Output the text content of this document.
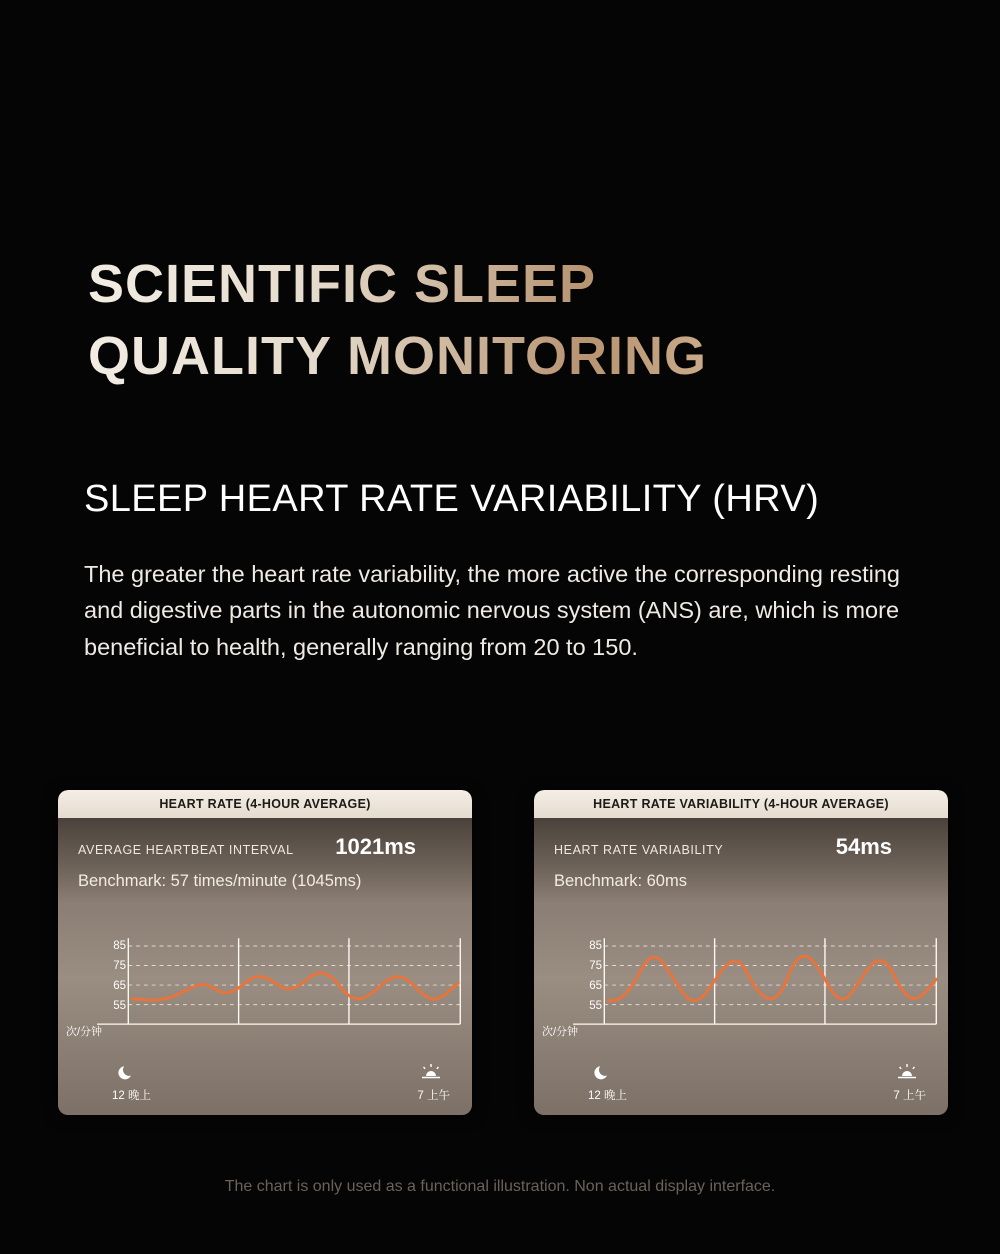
SCIENTIFIC SLEEP
QUALITY MONITORING
SLEEP HEART RATE VARIABILITY (HRV)
The greater the heart rate variability, the more active the corresponding resting and digestive parts in the autonomic nervous system (ANS) are, which is more beneficial to health, generally ranging from 20 to 150.
HEART RATE (4-HOUR AVERAGE)
AVERAGE HEARTBEAT INTERVAL 1021ms
Benchmark: 57 times/minute (1045ms)
85
75
65
55
次/分钟
12 晚上	7 上午
HEART RATE VARIABILITY (4-HOUR AVERAGE)
HEART RATE VARIABILITY	54ms
Benchmark: 60ms
85
75
65
55
次/分钟
12 晚上	7 上午
The chart is only used as a functional illustration. Non actual display interface.
